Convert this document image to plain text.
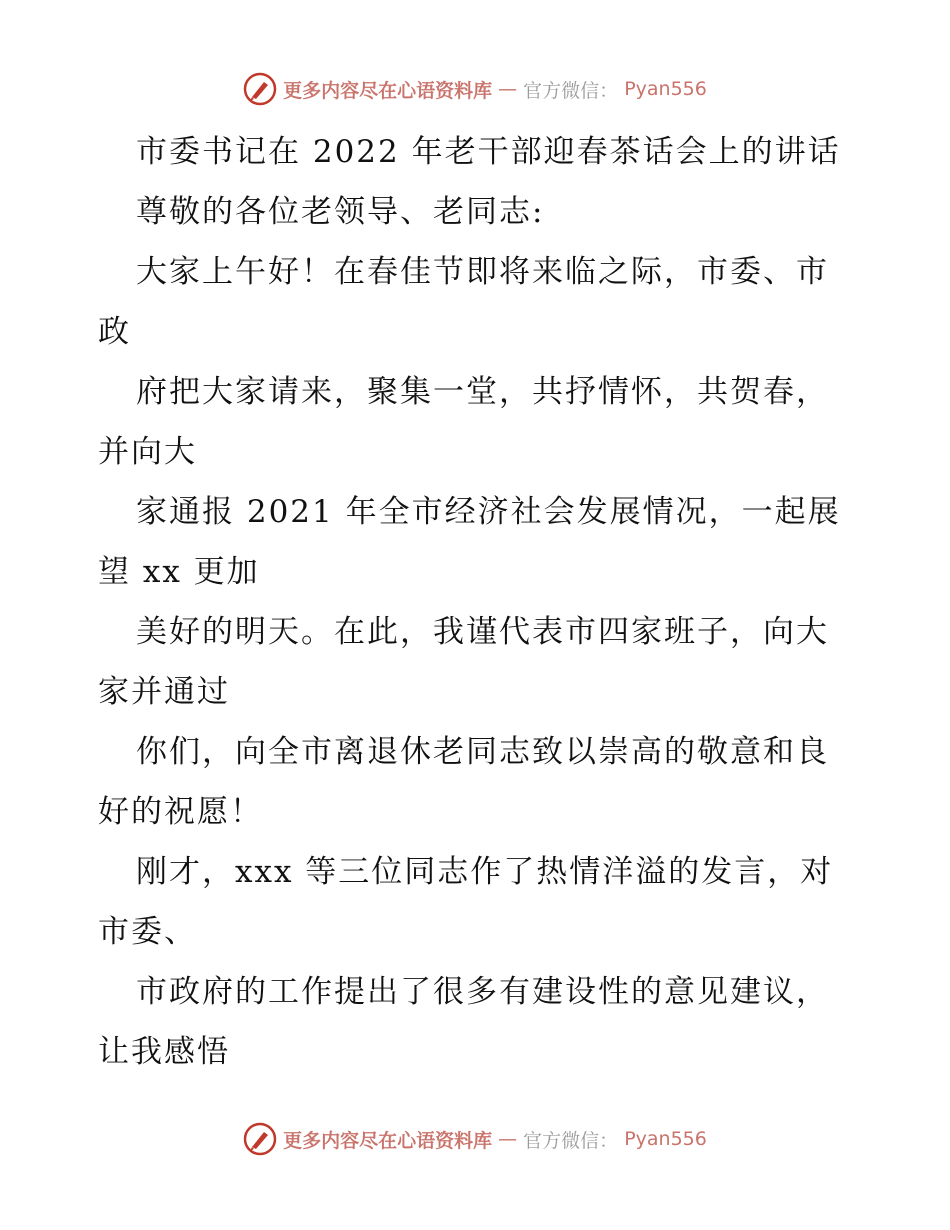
更多内容尽在心语资料库 — 官方微信： Pyan556
市委书记在 2022 年老干部迎春茶话会上的讲话
尊敬的各位老领导、老同志:
大家上午好！在春佳节即将来临之际，市委、市
政
府把大家请来，聚集一堂，共抒情怀，共贺春，
并向大
家通报 2021 年全市经济社会发展情况，一起展
望 xx 更加
美好的明天。在此，我谨代表市四家班子，向大
家并通过
你们，向全市离退休老同志致以崇高的敬意和良
好的祝愿！
刚才，xxx 等三位同志作了热情洋溢的发言，对
市委、
市政府的工作提出了很多有建设性的意见建议，
让我感悟
更多内容尽在心语资料库 — 官方微信： Pyan556
